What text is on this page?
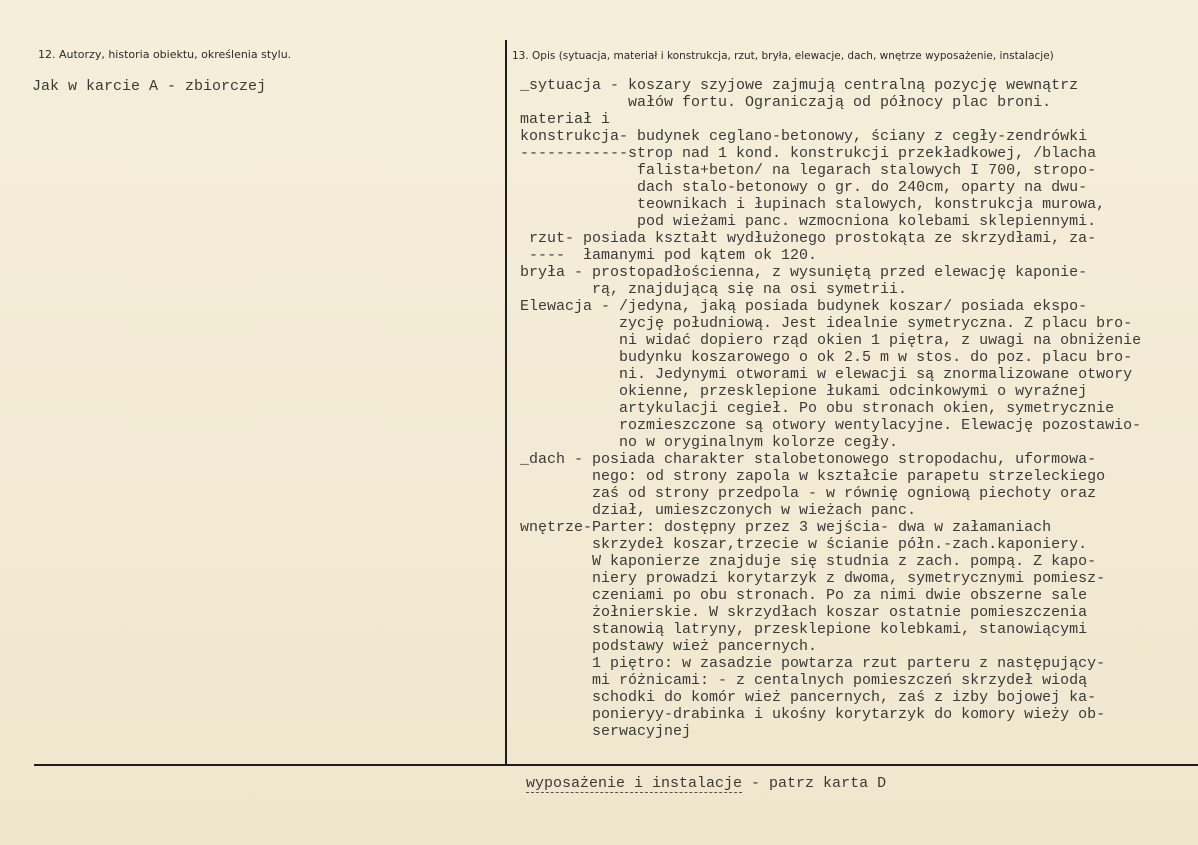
12. Autorzy, historia obiektu, określenia stylu.	13. Opis (sytuacja, materiał i konstrukcja, rzut, bryła, elewacje, dach, wnętrze wyposażenie, instalacje)
Jak w karcie A - zbiorczej	_sytuacja - koszary szyjowe zajmują centralną pozycję wewnątrz
wałów fortu. Ograniczają od północy plac broni.
materiał i
konstrukcja- budynek ceglano-betonowy, ściany z cegły-zendrówki
------------strop nad 1 kond. konstrukcji przekładkowej, /blacha
falista+beton/ na legarach stalowych I 700, stropo-
dach stalo-betonowy o gr. do 240cm, oparty na dwu-
teownikach i łupinach stalowych, konstrukcja murowa,
pod wieżami panc. wzmocniona kolebami sklepiennymi.
rzut- posiada kształt wydłużonego prostokąta ze skrzydłami, za-
----  łamanymi pod kątem ok 120.
bryła - prostopadłościenna, z wysuniętą przed elewację kaponie-
rą, znajdującą się na osi symetrii.
Elewacja - /jedyna, jaką posiada budynek koszar/ posiada ekspo-
zycję południową. Jest idealnie symetryczna. Z placu bro-
ni widać dopiero rząd okien 1 piętra, z uwagi na obniżenie
budynku koszarowego o ok 2.5 m w stos. do poz. placu bro-
ni. Jedynymi otworami w elewacji są znormalizowane otwory
okienne, przesklepione łukami odcinkowymi o wyraźnej
artykulacji cegieł. Po obu stronach okien, symetrycznie
rozmieszczone są otwory wentylacyjne. Elewację pozostawio-
no w oryginalnym kolorze cegły.
_dach - posiada charakter stalobetonowego stropodachu, uformowa-
nego: od strony zapola w kształcie parapetu strzeleckiego
zaś od strony przedpola - w równię ogniową piechoty oraz
dział, umieszczonych w wieżach panc.
wnętrze-Parter: dostępny przez 3 wejścia- dwa w załamaniach
skrzydeł koszar,trzecie w ścianie półn.-zach.kaponiery.
W kaponierze znajduje się studnia z zach. pompą. Z kapo-
niery prowadzi korytarzyk z dwoma, symetrycznymi pomiesz-
czeniami po obu stronach. Po za nimi dwie obszerne sale
żołnierskie. W skrzydłach koszar ostatnie pomieszczenia
stanowią latryny, przesklepione kolebkami, stanowiącymi
podstawy wież pancernych.
1 piętro: w zasadzie powtarza rzut parteru z następujący-
mi różnicami: - z centalnych pomieszczeń skrzydeł wiodą
schodki do komór wież pancernych, zaś z izby bojowej ka-
ponieryy-drabinka i ukośny korytarzyk do komory wieży ob-
serwacyjnej
wyposażenie i instalacje - patrz karta D
